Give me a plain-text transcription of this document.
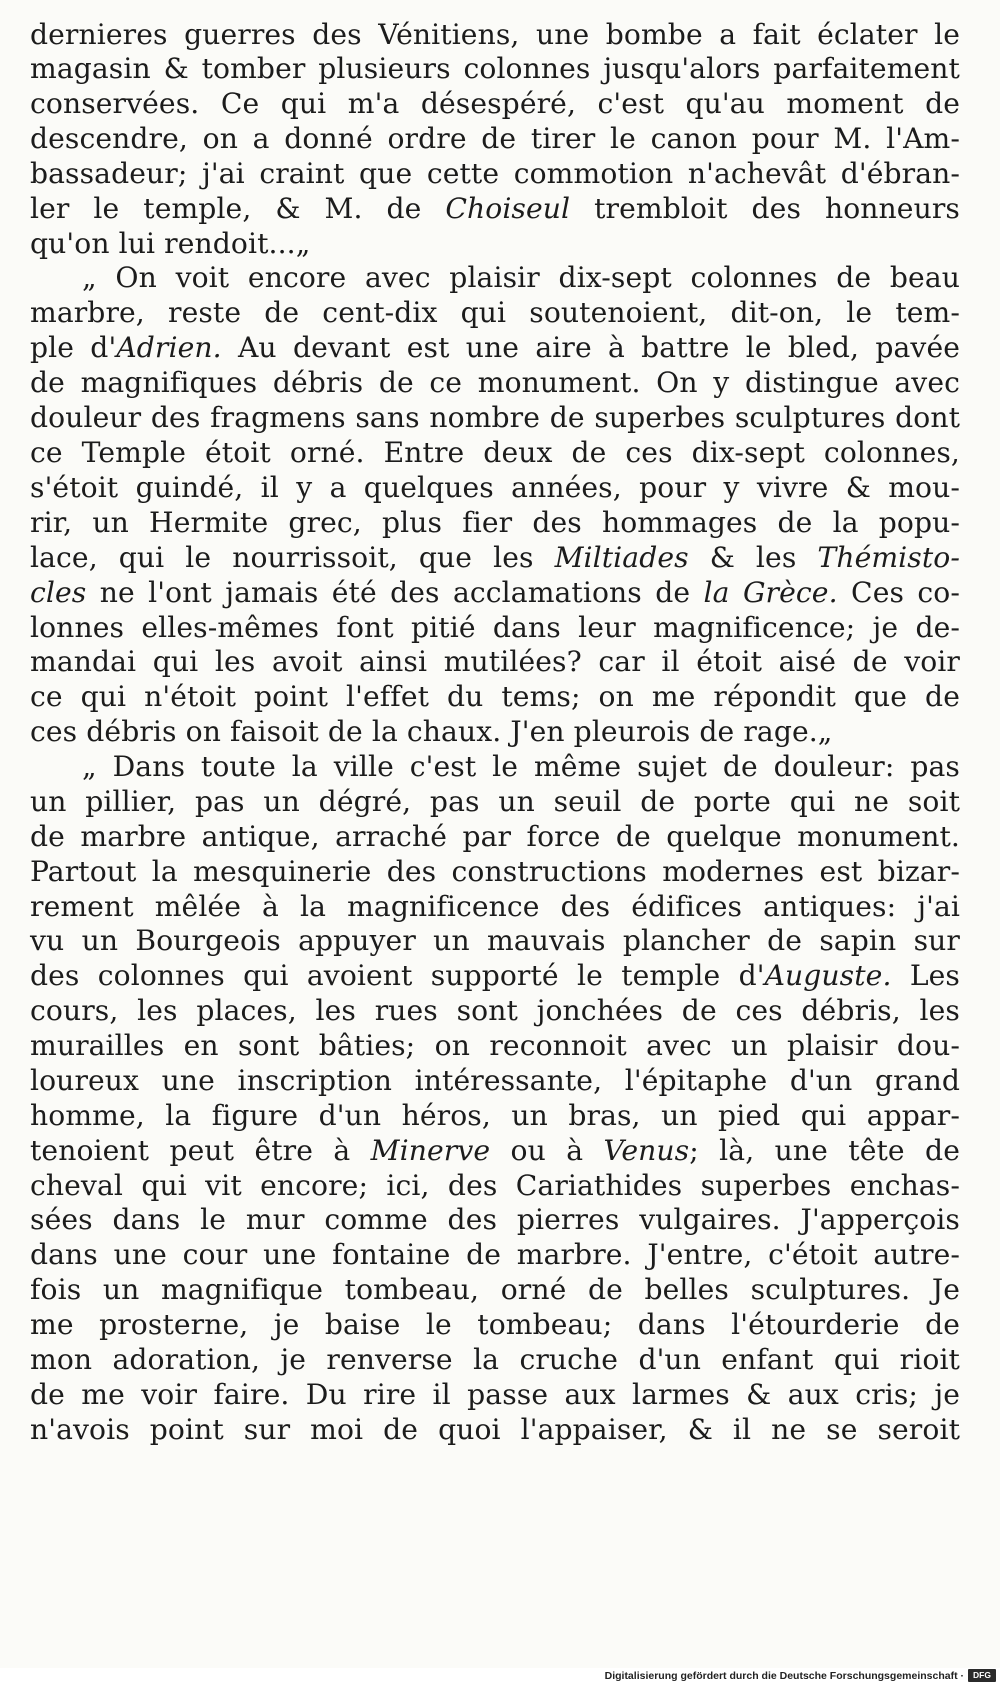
dernieres guerres des Vénitiens, une bombe a fait éclater le
magasin & tomber plusieurs colonnes jusqu'alors parfaitement
conservées. Ce qui m'a désespéré, c'est qu'au moment de
descendre, on a donné ordre de tirer le canon pour M. l'Am-
bassadeur; j'ai craint que cette commotion n'achevât d'ébran-
ler le temple, & M. de Choiseul trembloit des honneurs
qu'on lui rendoit...„
„ On voit encore avec plaisir dix-sept colonnes de beau
marbre, reste de cent-dix qui soutenoient, dit-on, le tem-
ple d'Adrien. Au devant est une aire à battre le bled, pavée
de magnifiques débris de ce monument. On y distingue avec
douleur des fragmens sans nombre de superbes sculptures dont
ce Temple étoit orné. Entre deux de ces dix-sept colonnes,
s'étoit guindé, il y a quelques années, pour y vivre & mou-
rir, un Hermite grec, plus fier des hommages de la popu-
lace, qui le nourrissoit, que les Miltiades & les Thémisto-
cles ne l'ont jamais été des acclamations de la Grèce. Ces co-
lonnes elles-mêmes font pitié dans leur magnificence; je de-
mandai qui les avoit ainsi mutilées? car il étoit aisé de voir
ce qui n'étoit point l'effet du tems; on me répondit que de
ces débris on faisoit de la chaux. J'en pleurois de rage.„
„ Dans toute la ville c'est le même sujet de douleur: pas
un pillier, pas un dégré, pas un seuil de porte qui ne soit
de marbre antique, arraché par force de quelque monument.
Partout la mesquinerie des constructions modernes est bizar-
rement mêlée à la magnificence des édifices antiques: j'ai
vu un Bourgeois appuyer un mauvais plancher de sapin sur
des colonnes qui avoient supporté le temple d'Auguste. Les
cours, les places, les rues sont jonchées de ces débris, les
murailles en sont bâties; on reconnoit avec un plaisir dou-
loureux une inscription intéressante, l'épitaphe d'un grand
homme, la figure d'un héros, un bras, un pied qui appar-
tenoient peut être à Minerve ou à Venus; là, une tête de
cheval qui vit encore; ici, des Cariathides superbes enchas-
sées dans le mur comme des pierres vulgaires. J'apperçois
dans une cour une fontaine de marbre. J'entre, c'étoit autre-
fois un magnifique tombeau, orné de belles sculptures. Je
me prosterne, je baise le tombeau; dans l'étourderie de
mon adoration, je renverse la cruche d'un enfant qui rioit
de me voir faire. Du rire il passe aux larmes & aux cris; je
n'avois point sur moi de quoi l'appaiser, & il ne se seroit
Digitalisierung gefördert durch die Deutsche Forschungsgemeinschaft ·	DFG
